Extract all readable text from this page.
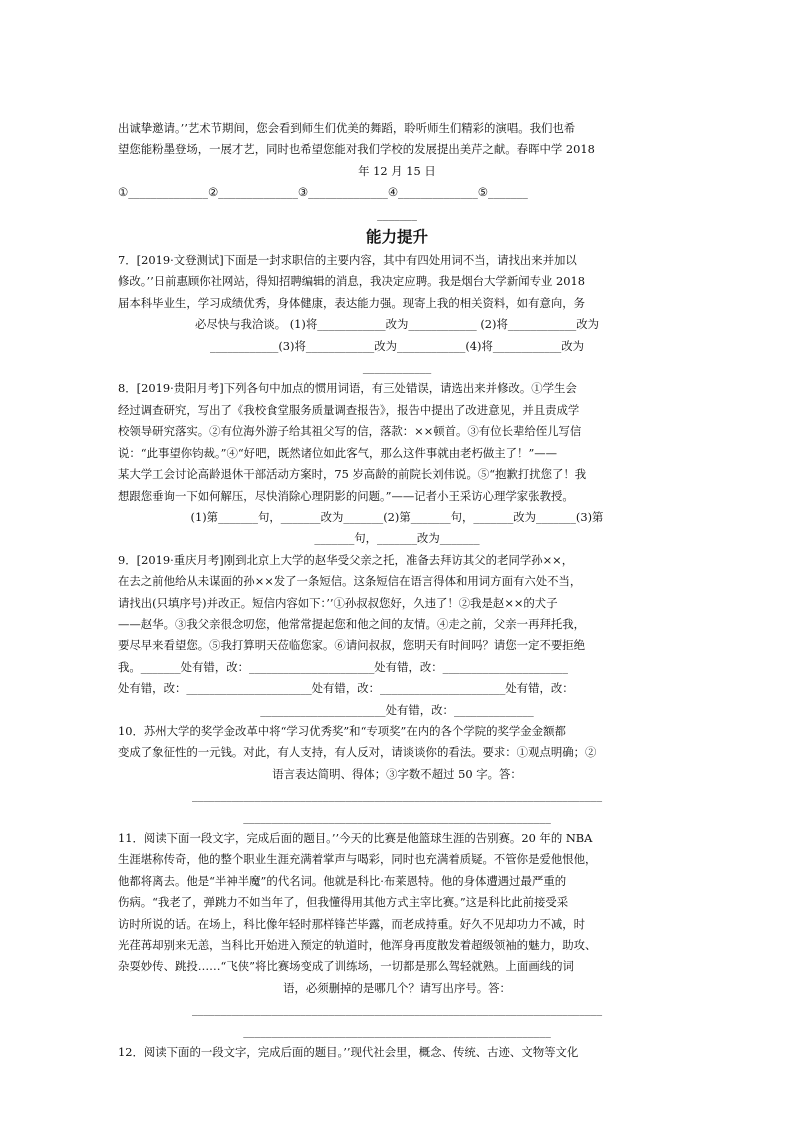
出诚挚邀请。’’艺术节期间，您会看到师生们优美的舞蹈，聆听师生们精彩的演唱。我们也希

望您能粉墨登场，一展才艺，同时也希望您能对我们学校的发展提出美芹之献。春晖中学 2018

年 12 月 15 日

①______________②______________③______________④______________⑤_______

_______

能力提升

7．[2019·文登测试]下面是一封求职信的主要内容，其中有四处用词不当，请找出来并加以

修改。’’日前惠顾你社网站，得知招聘编辑的消息，我决定应聘。我是烟台大学新闻专业 2018

届本科毕业生，学习成绩优秀，身体健康，表达能力强。现寄上我的相关资料，如有意向，务

必尽快与我洽谈。 (1)将____________改为____________ (2)将____________改为

____________(3)将____________改为____________(4)将____________改为

____________

8．[2019·贵阳月考]下列各句中加点的惯用词语，有三处错误，请选出来并修改。①学生会

经过调查研究，写出了《我校食堂服务质量调查报告》，报告中提出了改进意见，并且责成学

校领导研究落实。②有位海外游子给其祖父写的信，落款：××顿首。③有位长辈给侄儿写信

说：“此事望你钧裁。”④“好吧，既然诸位如此客气，那么这件事就由老朽做主了！”——

某大学工会讨论高龄退休干部活动方案时，75 岁高龄的前院长刘伟说。⑤“抱歉打扰您了！我

想跟您垂询一下如何解压，尽快消除心理阴影的问题。”——记者小王采访心理学家张教授。

(1)第_______句，_______改为_______(2)第_______句，_______改为_______(3)第

_______句，_______改为_______

9．[2019·重庆月考]刚到北京上大学的赵华受父亲之托，准备去拜访其父的老同学孙××，

在去之前他给从未谋面的孙××发了一条短信。这条短信在语言得体和用词方面有六处不当，

请找出(只填序号)并改正。短信内容如下：’’①孙叔叔您好，久违了！②我是赵××的犬子

——赵华。③我父亲很念叨您，他常常提起您和他之间的友情。④走之前，父亲一再拜托我，

要尽早来看望您。⑤我打算明天莅临您家。⑥请问叔叔，您明天有时间吗？请您一定不要拒绝

我。_______处有错，改：______________________处有错，改：______________________

处有错，改：______________________处有错，改：______________________处有错，改：

______________________处有错，改：______________

10．苏州大学的奖学金改革中将“学习优秀奖”和“专项奖”在内的各个学院的奖学金金额都

变成了象征性的一元钱。对此，有人支持，有人反对，请谈谈你的看法。要求：①观点明确；②

语言表达简明、得体；③字数不超过 50 字。答：

________________________________________________________________________

______________________________________________________

11．阅读下面一段文字，完成后面的题目。’’今天的比赛是他篮球生涯的告别赛。20 年的 NBA

生涯堪称传奇，他的整个职业生涯充满着掌声与喝彩，同时也充满着质疑。不管你是爱他恨他，

他都将离去。他是“半神半魔”的代名词。他就是科比·布莱恩特。他的身体遭遇过最严重的

伤病。“我老了，弹跳力不如当年了，但我懂得用其他方式主宰比赛。”这是科比此前接受采

访时所说的话。在场上，科比像年轻时那样锋芒毕露，而老成持重。好久不见却功力不减，时

光荏苒却别来无恙，当科比开始进入预定的轨道时，他浑身再度散发着超级领袖的魅力，助攻、

杂耍妙传、跳投……“飞侠”将比赛场变成了训练场，一切都是那么驾轻就熟。上面画线的词

语，必须删掉的是哪几个？请写出序号。答：

________________________________________________________________________

______________________________________________________

12．阅读下面的一段文字，完成后面的题目。’’现代社会里，概念、传统、古迹、文物等文化
